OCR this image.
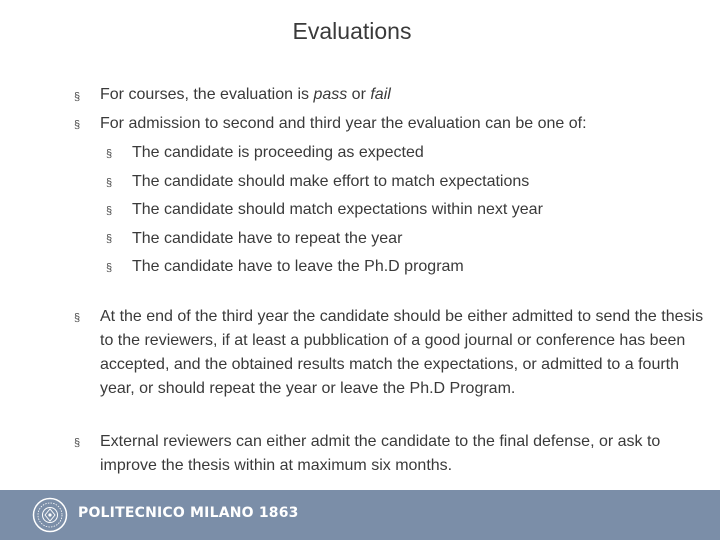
Evaluations
§ For courses, the evaluation is pass or fail
§ For admission to second and third year the evaluation can be one of:
§ The candidate is proceeding as expected
§ The candidate should make effort to match expectations
§ The candidate should match expectations within next year
§ The candidate have to repeat the year
§ The candidate have to leave the Ph.D program
§ At the end of the third year the candidate should be either admitted to send the thesis to the reviewers, if at least a pubblication of a good journal or conference has been accepted, and the obtained results match the expectations, or admitted to a fourth year, or should repeat the year or leave the Ph.D Program.
§ External reviewers can either admit the candidate to the final defense, or ask to improve the thesis within at maximum six months.
POLITECNICO MILANO 1863
